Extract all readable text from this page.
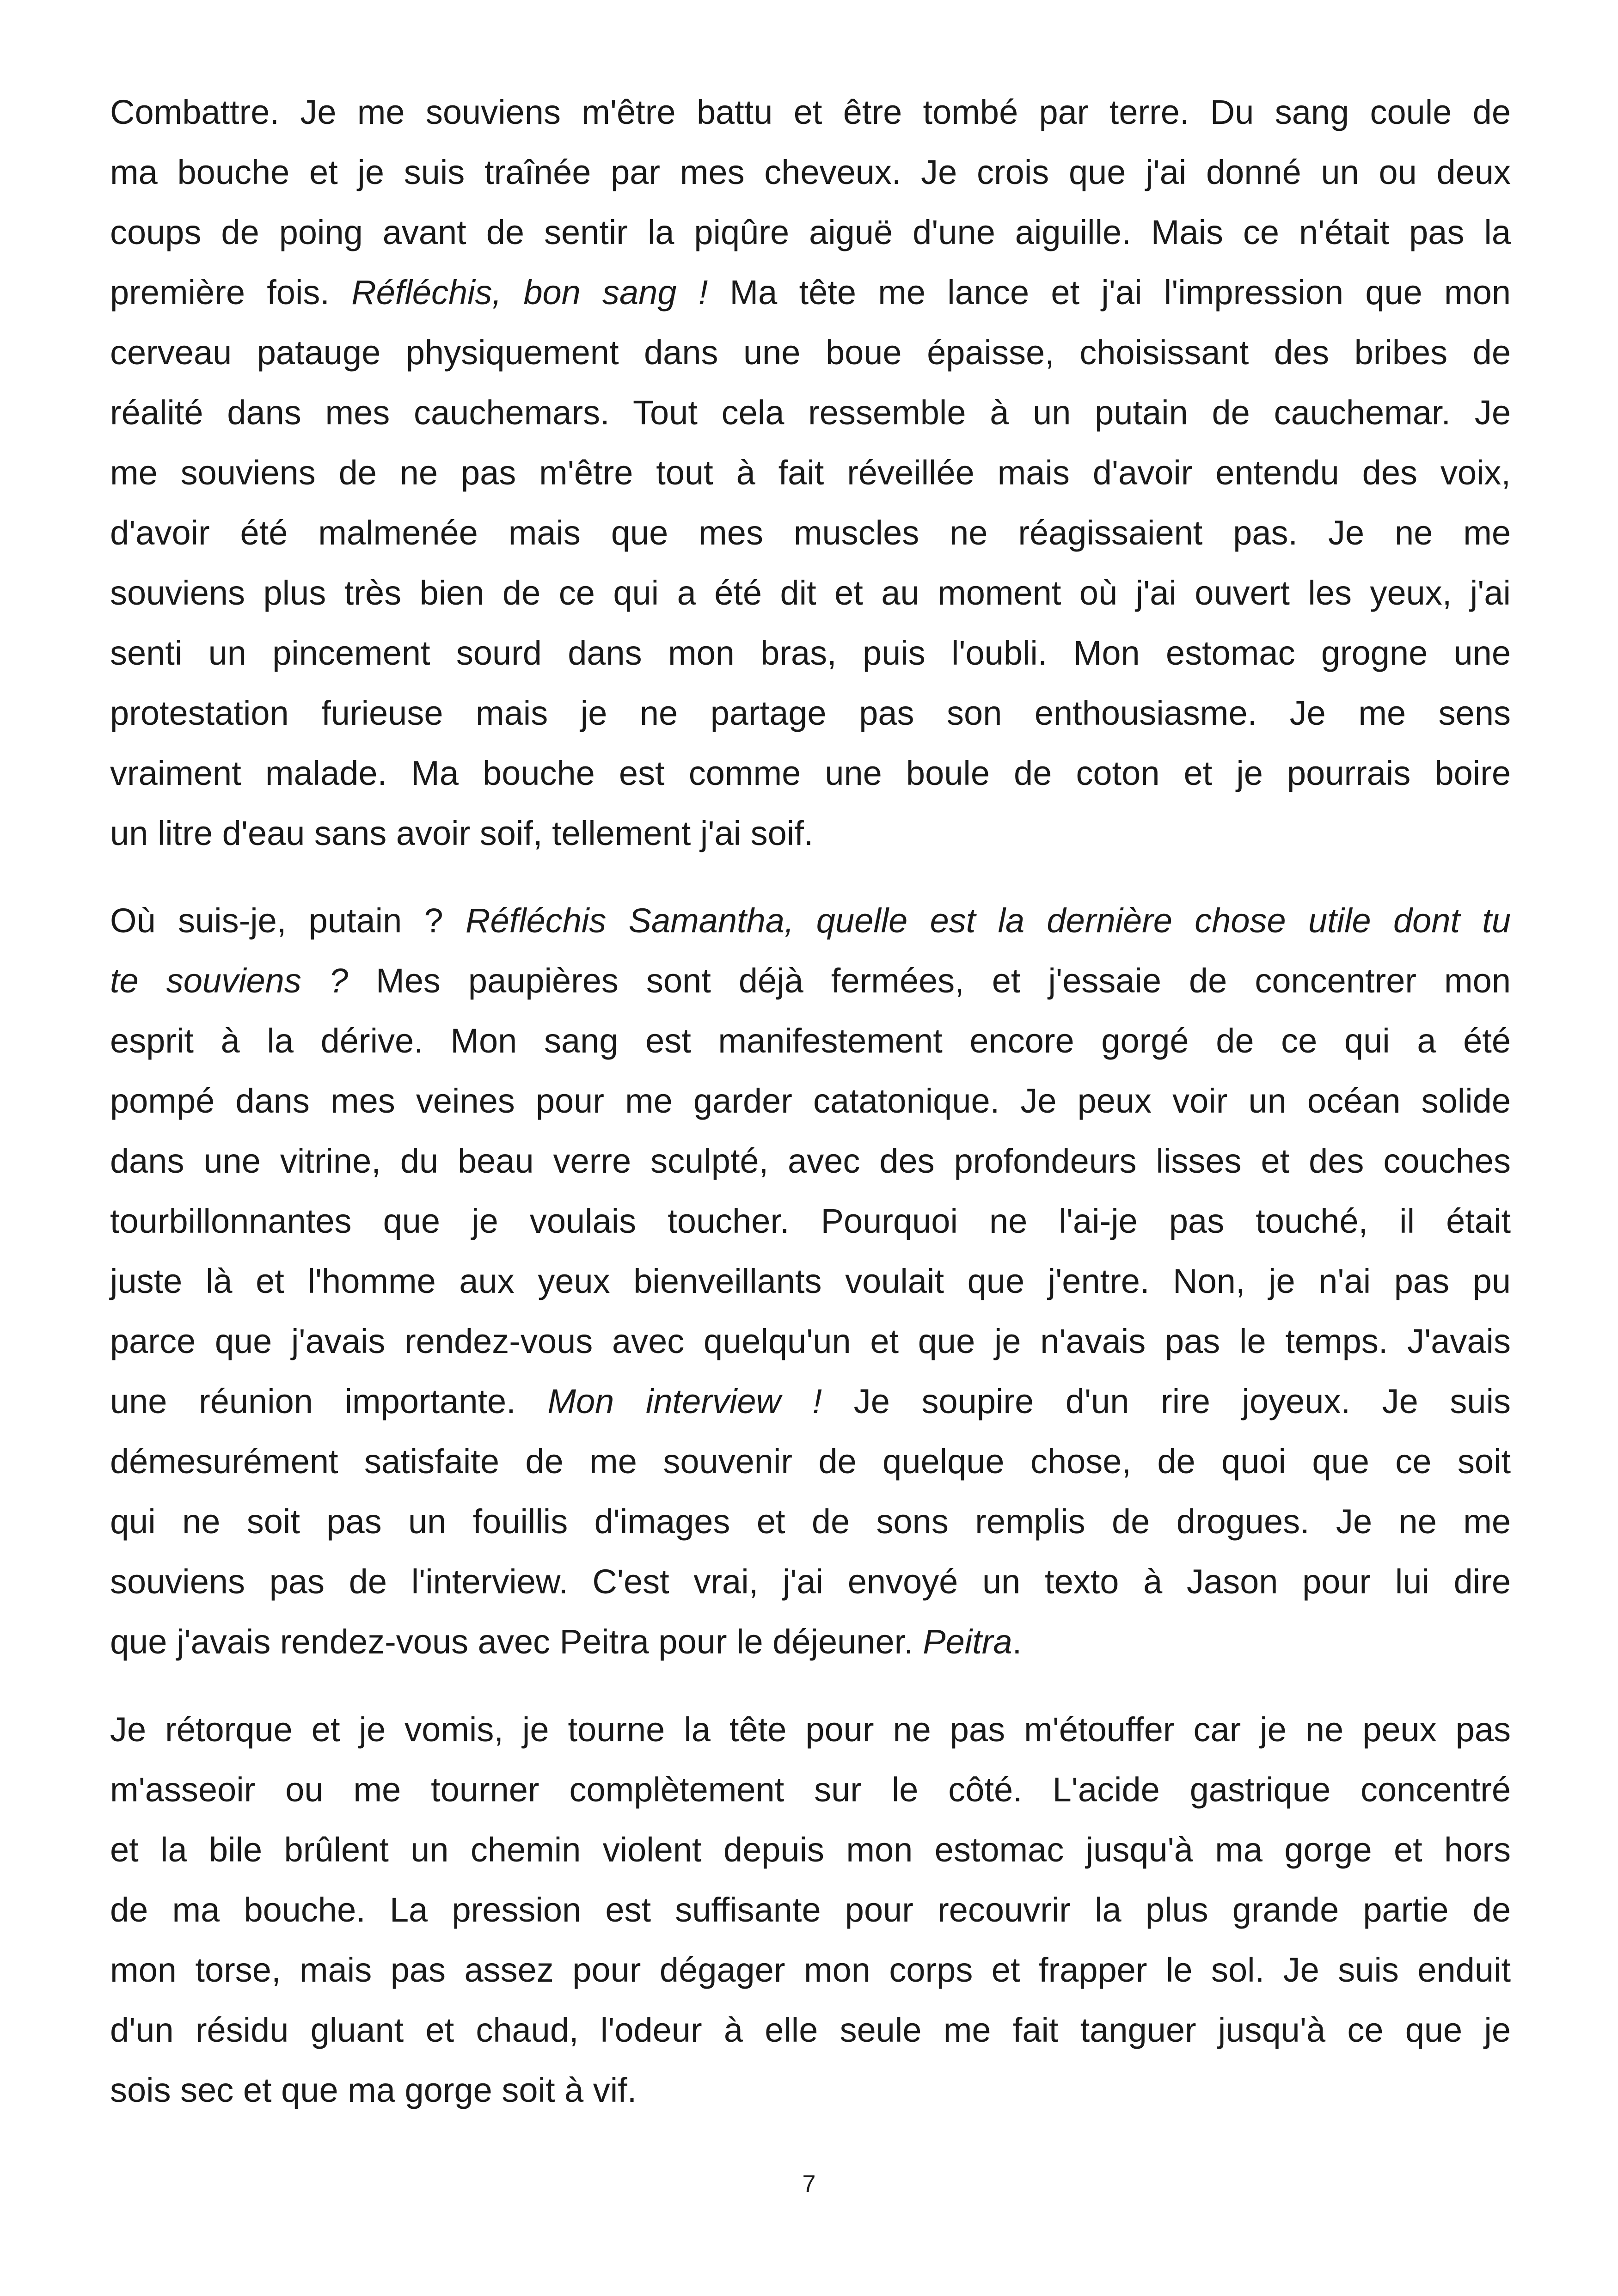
Combattre. Je me souviens m'être battu et être tombé par terre. Du sang coule de
ma bouche et je suis traînée par mes cheveux. Je crois que j'ai donné un ou deux
coups de poing avant de sentir la piqûre aiguë d'une aiguille. Mais ce n'était pas la
première fois. Réfléchis, bon sang ! Ma tête me lance et j'ai l'impression que mon
cerveau patauge physiquement dans une boue épaisse, choisissant des bribes de
réalité dans mes cauchemars. Tout cela ressemble à un putain de cauchemar. Je
me souviens de ne pas m'être tout à fait réveillée mais d'avoir entendu des voix,
d'avoir été malmenée mais que mes muscles ne réagissaient pas. Je ne me
souviens plus très bien de ce qui a été dit et au moment où j'ai ouvert les yeux, j'ai
senti un pincement sourd dans mon bras, puis l'oubli. Mon estomac grogne une
protestation furieuse mais je ne partage pas son enthousiasme. Je me sens
vraiment malade. Ma bouche est comme une boule de coton et je pourrais boire
un litre d'eau sans avoir soif, tellement j'ai soif.
Où suis-je, putain ? Réfléchis Samantha, quelle est la dernière chose utile dont tu
te souviens ? Mes paupières sont déjà fermées, et j'essaie de concentrer mon
esprit à la dérive. Mon sang est manifestement encore gorgé de ce qui a été
pompé dans mes veines pour me garder catatonique. Je peux voir un océan solide
dans une vitrine, du beau verre sculpté, avec des profondeurs lisses et des couches
tourbillonnantes que je voulais toucher. Pourquoi ne l'ai-je pas touché, il était
juste là et l'homme aux yeux bienveillants voulait que j'entre. Non, je n'ai pas pu
parce que j'avais rendez-vous avec quelqu'un et que je n'avais pas le temps. J'avais
une réunion importante. Mon interview ! Je soupire d'un rire joyeux. Je suis
démesurément satisfaite de me souvenir de quelque chose, de quoi que ce soit
qui ne soit pas un fouillis d'images et de sons remplis de drogues. Je ne me
souviens pas de l'interview. C'est vrai, j'ai envoyé un texto à Jason pour lui dire
que j'avais rendez-vous avec Peitra pour le déjeuner. Peitra.
Je rétorque et je vomis, je tourne la tête pour ne pas m'étouffer car je ne peux pas
m'asseoir ou me tourner complètement sur le côté. L'acide gastrique concentré
et la bile brûlent un chemin violent depuis mon estomac jusqu'à ma gorge et hors
de ma bouche. La pression est suffisante pour recouvrir la plus grande partie de
mon torse, mais pas assez pour dégager mon corps et frapper le sol. Je suis enduit
d'un résidu gluant et chaud, l'odeur à elle seule me fait tanguer jusqu'à ce que je
sois sec et que ma gorge soit à vif.
7
